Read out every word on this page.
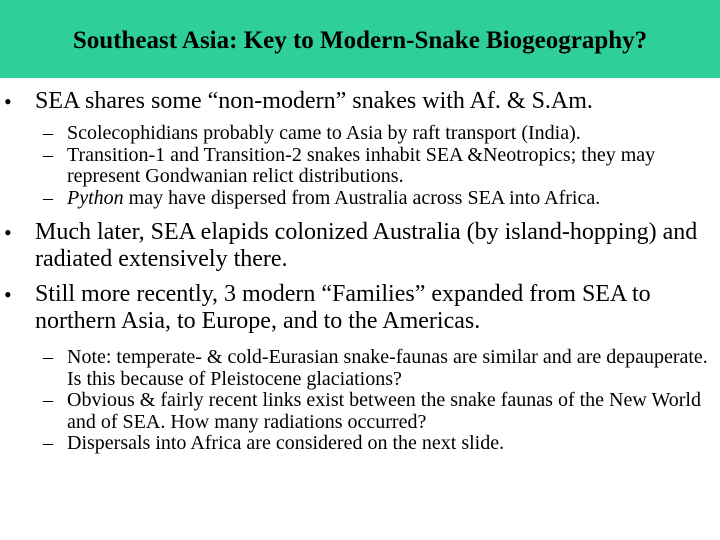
Southeast Asia: Key to Modern-Snake Biogeography?
• SEA shares some “non-modern” snakes with Af. & S.Am.
– Scolecophidians probably came to Asia by raft transport (India).
– Transition-1 and Transition-2 snakes inhabit SEA &Neotropics; they may represent Gondwanian relict distributions.
– Python may have dispersed from Australia across SEA into Africa.
• Much later, SEA elapids colonized Australia (by island-hopping) and radiated extensively there.
• Still more recently, 3 modern “Families” expanded from SEA to northern Asia, to Europe, and to the Americas.
– Note: temperate- & cold-Eurasian snake-faunas are similar and are depauperate. Is this because of Pleistocene glaciations?
– Obvious & fairly recent links exist between the snake faunas of the New World and of SEA. How many radiations occurred?
– Dispersals into Africa are considered on the next slide.
